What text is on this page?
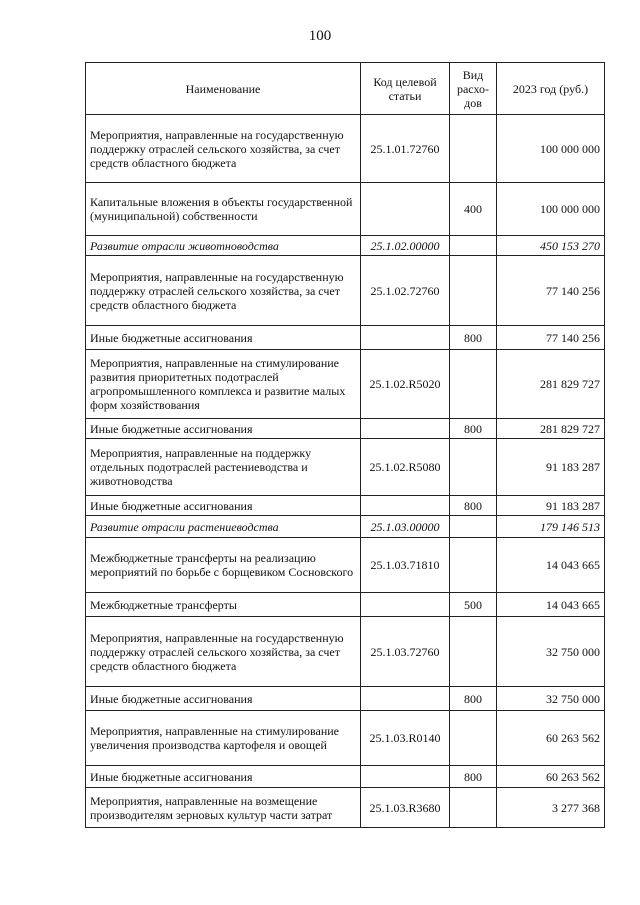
100
Наименование	Код целевой статьи	Вид расхо-дов	2023 год (руб.)
Мероприятия, направленные на государственную поддержку отраслей сельского хозяйства, за счет средств областного бюджета	25.1.01.72760		100 000 000
Капитальные вложения в объекты государственной (муниципальной) собственности		400	100 000 000
Развитие отрасли животноводства	25.1.02.00000		450 153 270
Мероприятия, направленные на государственную поддержку отраслей сельского хозяйства, за счет средств областного бюджета	25.1.02.72760		77 140 256
Иные бюджетные ассигнования		800	77 140 256
Мероприятия, направленные на стимулирование развития приоритетных подотраслей агропромышленного комплекса и развитие малых форм хозяйствования	25.1.02.R5020		281 829 727
Иные бюджетные ассигнования		800	281 829 727
Мероприятия, направленные на поддержку отдельных подотраслей растениеводства и животноводства	25.1.02.R5080		91 183 287
Иные бюджетные ассигнования		800	91 183 287
Развитие отрасли растениеводства	25.1.03.00000		179 146 513
Межбюджетные трансферты на реализацию мероприятий по борьбе с борщевиком Сосновского	25.1.03.71810		14 043 665
Межбюджетные трансферты		500	14 043 665
Мероприятия, направленные на государственную поддержку отраслей сельского хозяйства, за счет средств областного бюджета	25.1.03.72760		32 750 000
Иные бюджетные ассигнования		800	32 750 000
Мероприятия, направленные на стимулирование увеличения производства картофеля и овощей	25.1.03.R0140		60 263 562
Иные бюджетные ассигнования		800	60 263 562
Мероприятия, направленные на возмещение производителям зерновых культур части затрат	25.1.03.R3680		3 277 368
